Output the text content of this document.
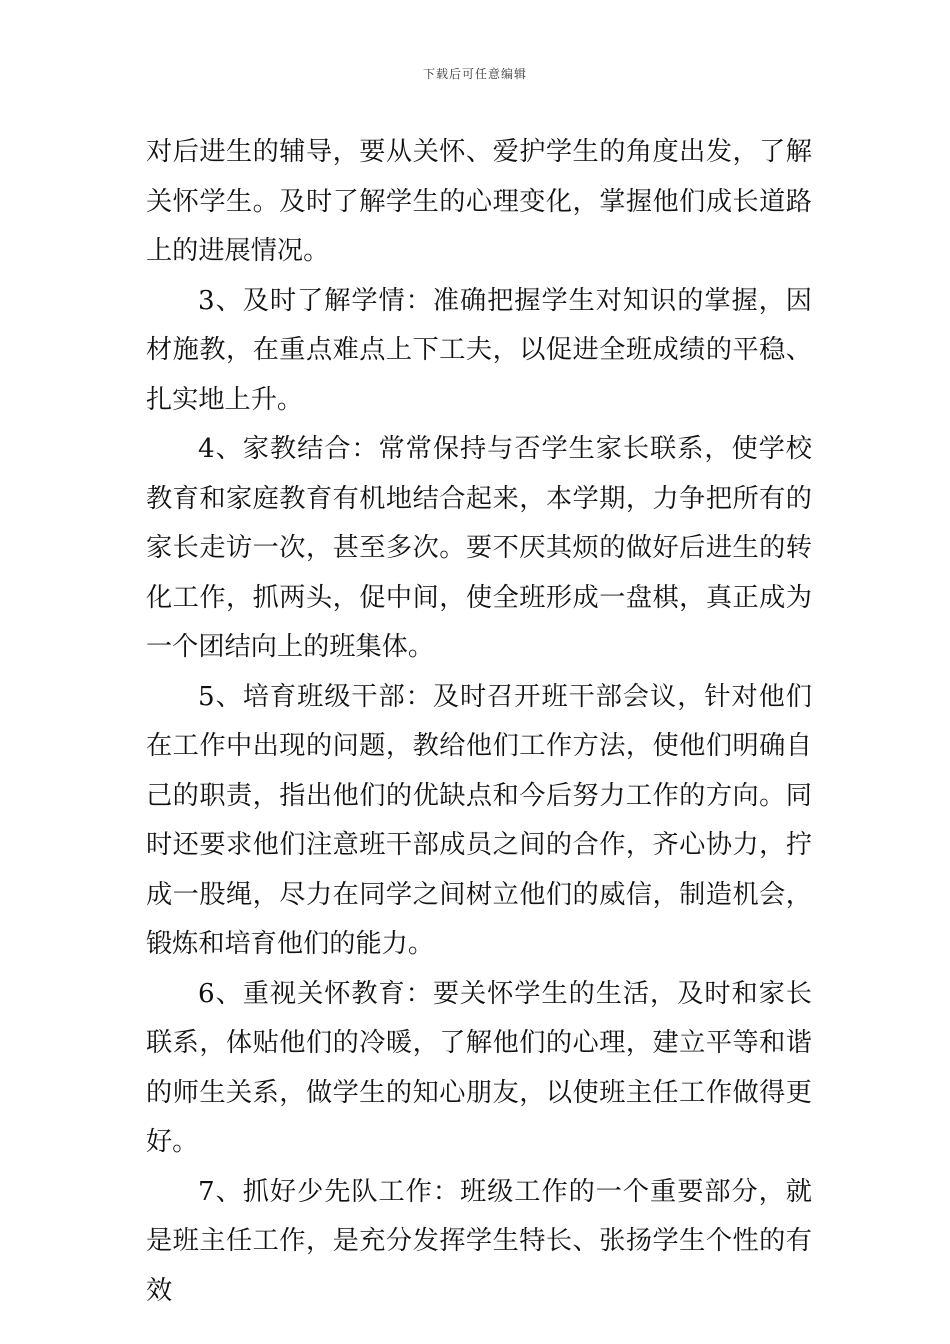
下载后可任意编辑

对后进生的辅导，要从关怀、爱护学生的角度出发，了解关怀学生。及时了解学生的心理变化，掌握他们成长道路上的进展情况。

3、及时了解学情：准确把握学生对知识的掌握，因材施教，在重点难点上下工夫，以促进全班成绩的平稳、扎实地上升。

4、家教结合：常常保持与否学生家长联系，使学校教育和家庭教育有机地结合起来，本学期，力争把所有的家长走访一次，甚至多次。要不厌其烦的做好后进生的转化工作，抓两头，促中间，使全班形成一盘棋，真正成为一个团结向上的班集体。

5、培育班级干部：及时召开班干部会议，针对他们在工作中出现的问题，教给他们工作方法，使他们明确自己的职责，指出他们的优缺点和今后努力工作的方向。同时还要求他们注意班干部成员之间的合作，齐心协力，拧成一股绳，尽力在同学之间树立他们的威信，制造机会，锻炼和培育他们的能力。

6、重视关怀教育：要关怀学生的生活，及时和家长联系，体贴他们的冷暖，了解他们的心理，建立平等和谐的师生关系，做学生的知心朋友，以使班主任工作做得更好。

7、抓好少先队工作：班级工作的一个重要部分，就是班主任工作，是充分发挥学生特长、张扬学生个性的有效
